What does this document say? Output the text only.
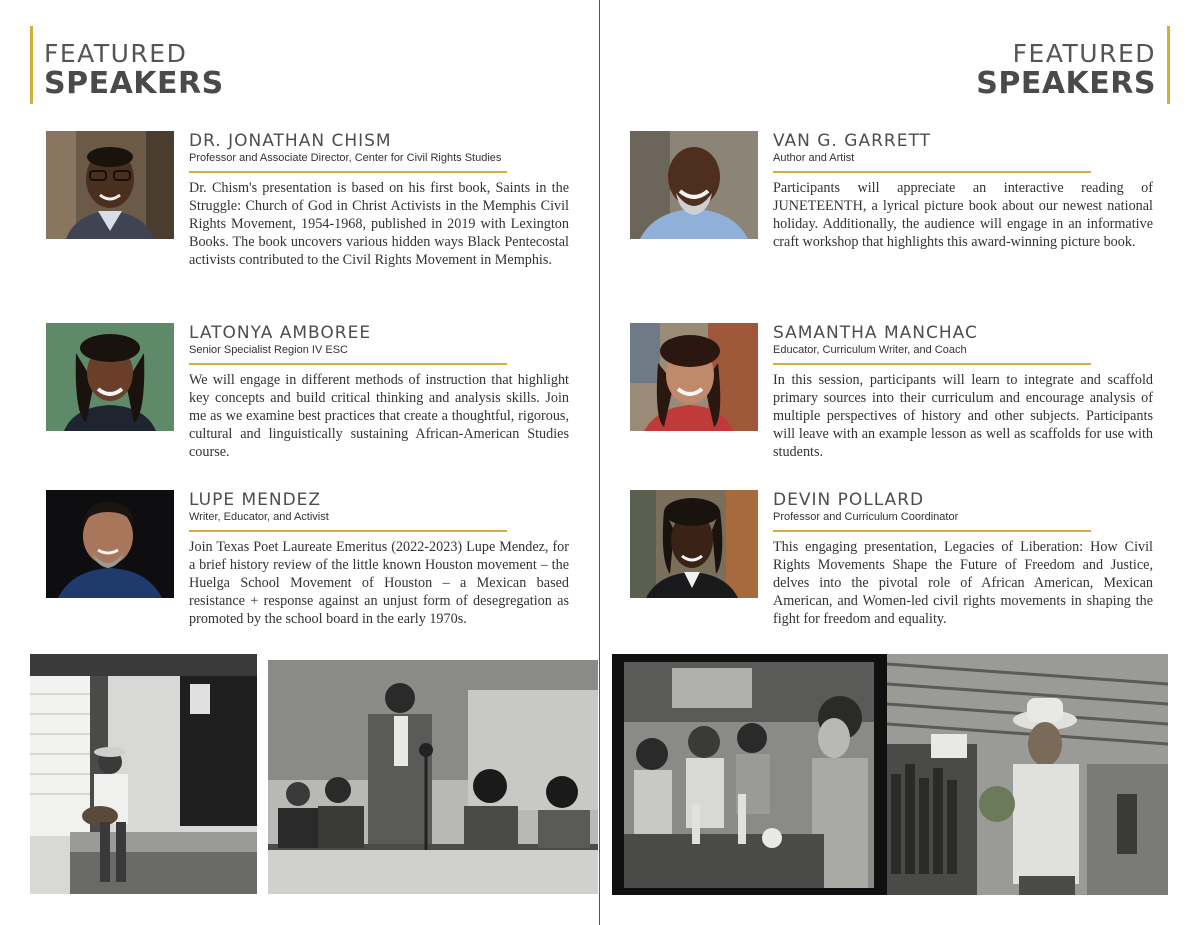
FEATURED
SPEAKERS
FEATURED
SPEAKERS
DR. JONATHAN CHISM
Professor and Associate Director, Center for Civil Rights Studies
Dr. Chism's presentation is based on his first book, Saints in the Struggle: Church of God in Christ Activists in the Memphis Civil Rights Movement, 1954-1968, published in 2019 with Lexington Books. The book uncovers various hidden ways Black Pentecostal activists contributed to the Civil Rights Movement in Memphis.
LATONYA AMBOREE
Senior Specialist Region IV ESC
We will engage in different methods of instruction that highlight key concepts and build critical thinking and analysis skills. Join me as we examine best practices that create a thoughtful, rigorous, cultural and linguistically sustaining African-American Studies course.
LUPE MENDEZ
Writer, Educator, and Activist
Join Texas Poet Laureate Emeritus (2022-2023) Lupe Mendez, for a brief history review of the little known Houston movement – the Huelga School Movement of Houston – a Mexican based resistance + response against an unjust form of desegregation as promoted by the school board in the early 1970s.
VAN G. GARRETT
Author and Artist
Participants will appreciate an interactive reading of JUNETEENTH, a lyrical picture book about our newest national holiday. Additionally, the audience will engage in an informative craft workshop that highlights this award-winning picture book.
SAMANTHA MANCHAC
Educator, Curriculum Writer, and Coach
In this session, participants will learn to integrate and scaffold primary sources into their curriculum and encourage analysis of multiple perspectives of history and other subjects. Participants will leave with an example lesson as well as scaffolds for use with students.
DEVIN POLLARD
Professor and Curriculum Coordinator
This engaging presentation, Legacies of Liberation: How Civil Rights Movements Shape the Future of Freedom and Justice, delves into the pivotal role of African American, Mexican American, and Women-led civil rights movements in shaping the fight for freedom and equality.
